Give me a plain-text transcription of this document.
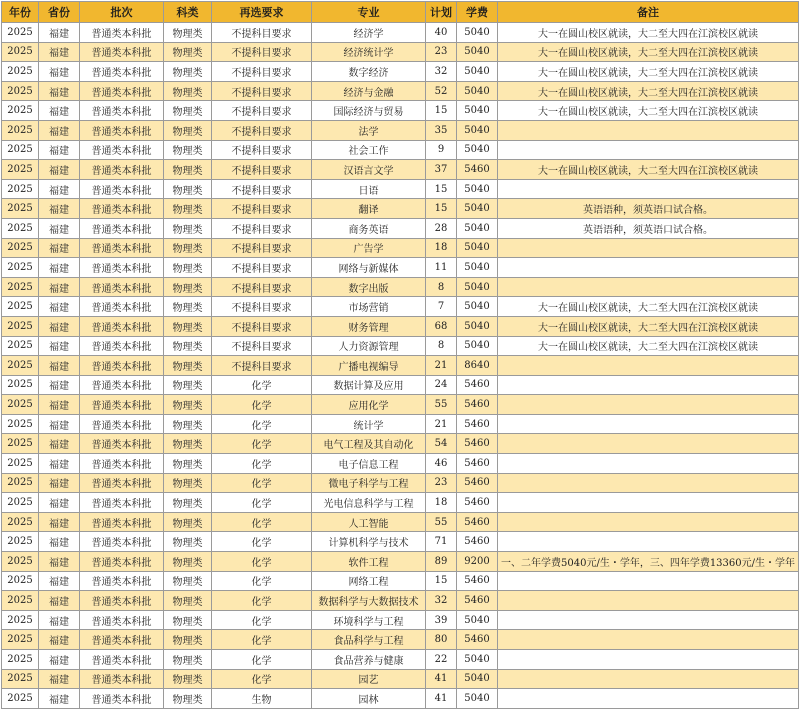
年份	省份	批次	科类	再选要求	专业	计划	学费	备注
2025	福建	普通类本科批	物理类	不提科目要求	经济学	40	5040	大一在圆山校区就读，大二至大四在江滨校区就读
2025	福建	普通类本科批	物理类	不提科目要求	经济统计学	23	5040	大一在圆山校区就读，大二至大四在江滨校区就读
2025	福建	普通类本科批	物理类	不提科目要求	数字经济	32	5040	大一在圆山校区就读，大二至大四在江滨校区就读
2025	福建	普通类本科批	物理类	不提科目要求	经济与金融	52	5040	大一在圆山校区就读，大二至大四在江滨校区就读
2025	福建	普通类本科批	物理类	不提科目要求	国际经济与贸易	15	5040	大一在圆山校区就读，大二至大四在江滨校区就读
2025	福建	普通类本科批	物理类	不提科目要求	法学	35	5040	
2025	福建	普通类本科批	物理类	不提科目要求	社会工作	9	5040	
2025	福建	普通类本科批	物理类	不提科目要求	汉语言文学	37	5460	大一在圆山校区就读，大二至大四在江滨校区就读
2025	福建	普通类本科批	物理类	不提科目要求	日语	15	5040	
2025	福建	普通类本科批	物理类	不提科目要求	翻译	15	5040	英语语种，须英语口试合格。
2025	福建	普通类本科批	物理类	不提科目要求	商务英语	28	5040	英语语种，须英语口试合格。
2025	福建	普通类本科批	物理类	不提科目要求	广告学	18	5040	
2025	福建	普通类本科批	物理类	不提科目要求	网络与新媒体	11	5040	
2025	福建	普通类本科批	物理类	不提科目要求	数字出版	8	5040	
2025	福建	普通类本科批	物理类	不提科目要求	市场营销	7	5040	大一在圆山校区就读，大二至大四在江滨校区就读
2025	福建	普通类本科批	物理类	不提科目要求	财务管理	68	5040	大一在圆山校区就读，大二至大四在江滨校区就读
2025	福建	普通类本科批	物理类	不提科目要求	人力资源管理	8	5040	大一在圆山校区就读，大二至大四在江滨校区就读
2025	福建	普通类本科批	物理类	不提科目要求	广播电视编导	21	8640	
2025	福建	普通类本科批	物理类	化学	数据计算及应用	24	5460	
2025	福建	普通类本科批	物理类	化学	应用化学	55	5460	
2025	福建	普通类本科批	物理类	化学	统计学	21	5460	
2025	福建	普通类本科批	物理类	化学	电气工程及其自动化	54	5460	
2025	福建	普通类本科批	物理类	化学	电子信息工程	46	5460	
2025	福建	普通类本科批	物理类	化学	微电子科学与工程	23	5460	
2025	福建	普通类本科批	物理类	化学	光电信息科学与工程	18	5460	
2025	福建	普通类本科批	物理类	化学	人工智能	55	5460	
2025	福建	普通类本科批	物理类	化学	计算机科学与技术	71	5460	
2025	福建	普通类本科批	物理类	化学	软件工程	89	9200	一、二年学费5040元/生・学年，三、四年学费13360元/生・学年
2025	福建	普通类本科批	物理类	化学	网络工程	15	5460	
2025	福建	普通类本科批	物理类	化学	数据科学与大数据技术	32	5460	
2025	福建	普通类本科批	物理类	化学	环境科学与工程	39	5040	
2025	福建	普通类本科批	物理类	化学	食品科学与工程	80	5460	
2025	福建	普通类本科批	物理类	化学	食品营养与健康	22	5040	
2025	福建	普通类本科批	物理类	化学	园艺	41	5040	
2025	福建	普通类本科批	物理类	生物	园林	41	5040	
